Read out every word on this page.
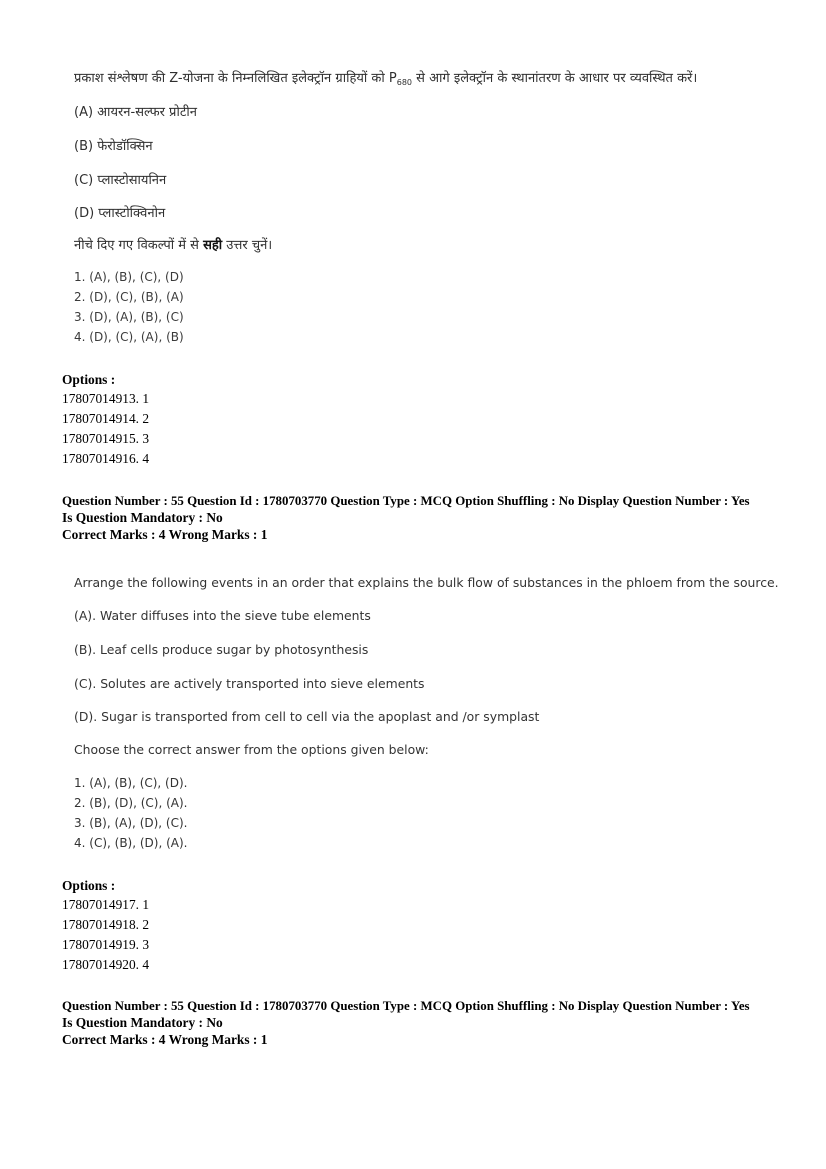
प्रकाश संश्लेषण की Z-योजना के निम्नलिखित इलेक्ट्रॉन ग्राहियों को $P_{680}$ से आगे इलेक्ट्रॉन के स्थानांतरण के आधार पर व्यवस्थित करें।
(A) आयरन-सल्फर प्रोटीन
(B) फेरोडॉक्सिन
(C) प्लास्टोसायनिन
(D) प्लास्टोक्विनोन
नीचे दिए गए विकल्पों में से सही उत्तर चुनें।
1. (A), (B), (C), (D)
2. (D), (C), (B), (A)
3. (D), (A), (B), (C)
4. (D), (C), (A), (B)
Options :
17807014913. 1
17807014914. 2
17807014915. 3
17807014916. 4
Question Number : 55 Question Id : 1780703770 Question Type : MCQ Option Shuffling : No Display Question Number : Yes
Is Question Mandatory : No
Correct Marks : 4 Wrong Marks : 1
Arrange the following events in an order that explains the bulk flow of substances in the phloem from the source.
(A). Water diffuses into the sieve tube elements
(B). Leaf cells produce sugar by photosynthesis
(C). Solutes are actively transported into sieve elements
(D). Sugar is transported from cell to cell via the apoplast and /or symplast
Choose the correct answer from the options given below:
1. (A), (B), (C), (D).
2. (B), (D), (C), (A).
3. (B), (A), (D), (C).
4. (C), (B), (D), (A).
Options :
17807014917. 1
17807014918. 2
17807014919. 3
17807014920. 4
Question Number : 55 Question Id : 1780703770 Question Type : MCQ Option Shuffling : No Display Question Number : Yes
Is Question Mandatory : No
Correct Marks : 4 Wrong Marks : 1
